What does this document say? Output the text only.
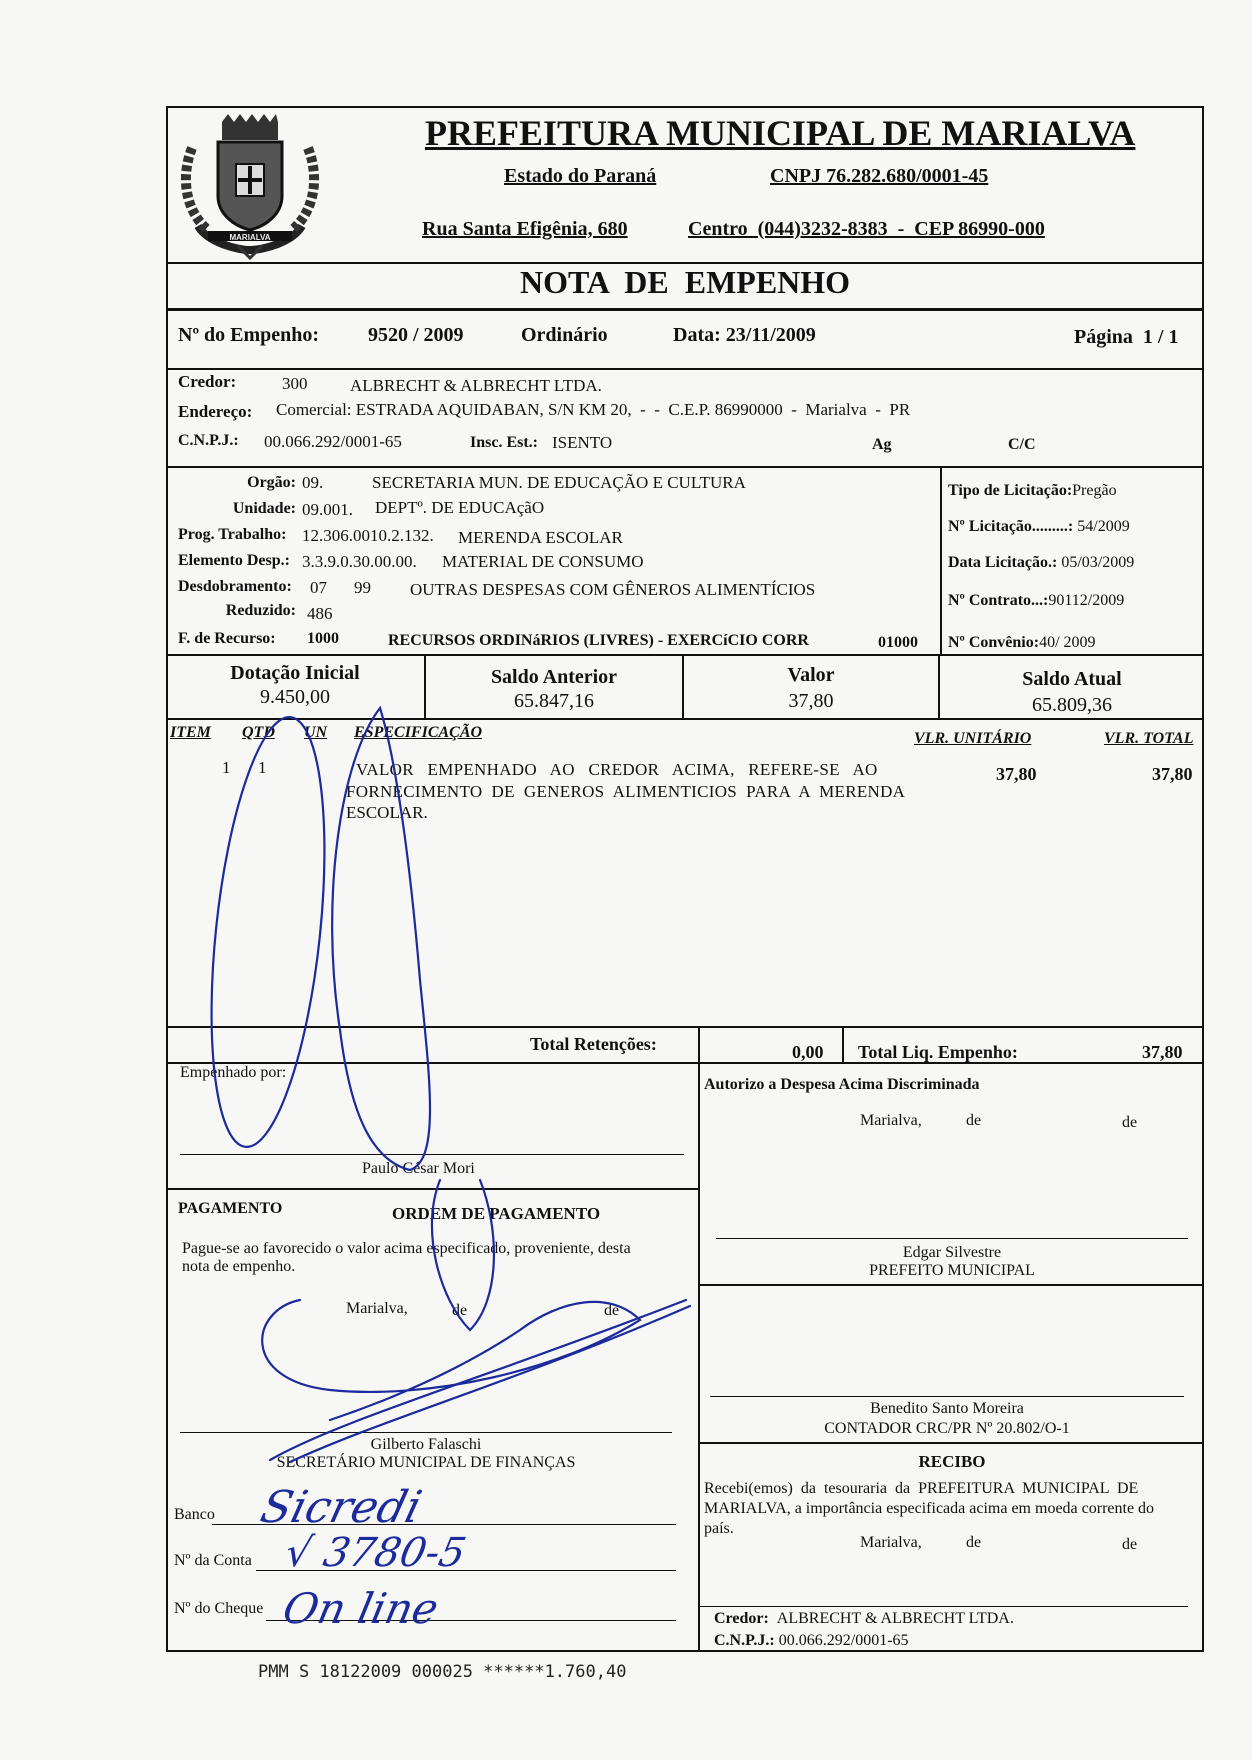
MARIALVA
PREFEITURA MUNICIPAL DE MARIALVA
Estado do Paraná	CNPJ 76.282.680/0001-45
Rua Santa Efigênia, 680	Centro  (044)3232-8383  -  CEP 86990-000
NOTA  DE  EMPENHO
Nº do Empenho: 9520 / 2009	Ordinário	Data: 23/11/2009	Página  1 / 1
Credor:	300	ALBRECHT & ALBRECHT LTDA.
Endereço: Comercial: ESTRADA AQUIDABAN, S/N KM 20,  -  -  C.E.P. 86990000  -  Marialva  -  PR
C.N.P.J.: 00.066.292/0001-65	Insc. Est.: ISENTO	Ag	C/C
Orgão: 09.	SECRETARIA MUN. DE EDUCAÇÃO E CULTURA
Unidade: 09.001. DEPTº. DE EDUCAçãO
Prog. Trabalho: 12.306.0010.2.132. MERENDA ESCOLAR
Elemento Desp.: 3.3.9.0.30.00.00. MATERIAL DE CONSUMO
Desdobramento: 07 99 OUTRAS DESPESAS COM GÊNEROS ALIMENTÍCIOS
Reduzido: 486
F. de Recurso: 1000	RECURSOS ORDINáRIOS (LIVRES) - EXERCíCIO CORR	01000
Tipo de Licitação:Pregão
Nº Licitação.........: 54/2009
Data Licitação.: 05/03/2009
Nº Contrato...:90112/2009
Nº Convênio:40/ 2009
Dotação Inicial
9.450,00
Saldo Anterior
65.847,16
Valor
37,80
Saldo Atual
65.809,36
ITEM QTD UN ESPECIFICAÇÃO	VLR. UNITÁRIO	VLR. TOTAL
1 1	VALOR   EMPENHADO   AO   CREDOR   ACIMA,   REFERE-SE   AO
FORNECIMENTO  DE  GENEROS  ALIMENTICIOS  PARA  A  MERENDA
ESCOLAR.
37,80	37,80
Total Retenções:	0,00 Total Liq. Empenho:	37,80
Empenhado por:
Paulo César Mori
Autorizo a Despesa Acima Discriminada
Marialva,	de	de
Edgar Silvestre
PREFEITO MUNICIPAL
PAGAMENTO	ORDEM DE PAGAMENTO
Pague-se ao favorecido o valor acima especificado, proveniente, desta
nota de empenho.
Marialva,	de	de
Gilberto Falaschi
SECRETÁRIO MUNICIPAL DE FINANÇAS
Banco
Nº da Conta
Nº do Cheque
Benedito Santo Moreira
CONTADOR CRC/PR Nº 20.802/O-1
RECIBO
Recebi(emos)  da  tesouraria  da  PREFEITURA  MUNICIPAL  DE
MARIALVA, a importância especificada acima em moeda corrente do
país.
Marialva,	de	de
Credor: ALBRECHT & ALBRECHT LTDA.
C.N.P.J.: 00.066.292/0001-65
PMM S 18122009 000025 ******1.760,40
Sicredi
√ 3780-5
On line
